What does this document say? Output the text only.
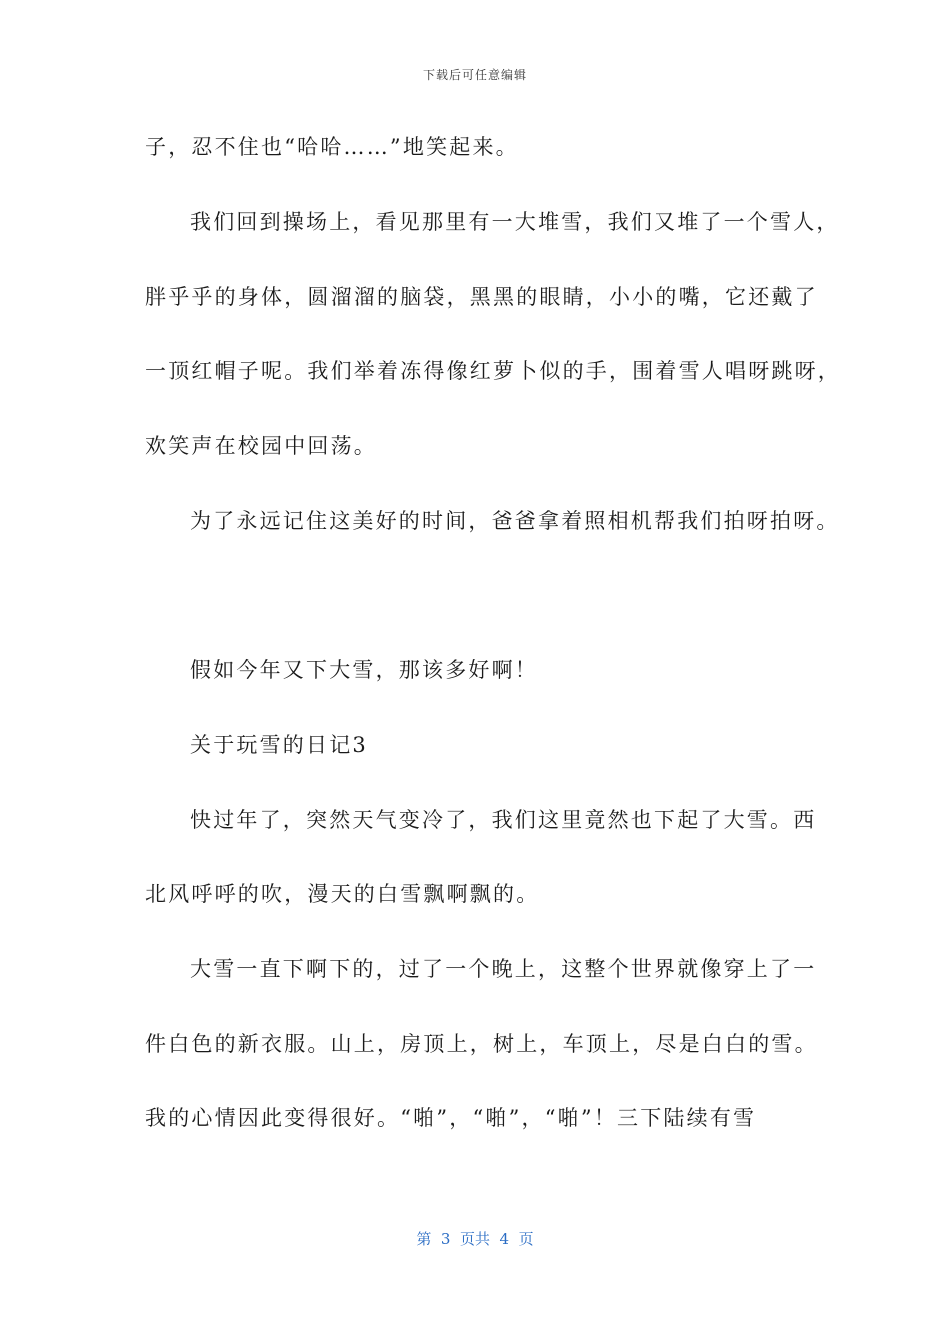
下载后可任意编辑
子，忍不住也“哈哈……”地笑起来。
我们回到操场上，看见那里有一大堆雪，我们又堆了一个雪人，
胖乎乎的身体，圆溜溜的脑袋，黑黑的眼睛，小小的嘴，它还戴了
一顶红帽子呢。我们举着冻得像红萝卜似的手，围着雪人唱呀跳呀，
欢笑声在校园中回荡。
为了永远记住这美好的时间，爸爸拿着照相机帮我们拍呀拍呀。
假如今年又下大雪，那该多好啊！
关于玩雪的日记3
快过年了，突然天气变冷了，我们这里竟然也下起了大雪。西
北风呼呼的吹，漫天的白雪飘啊飘的。
大雪一直下啊下的，过了一个晚上，这整个世界就像穿上了一
件白色的新衣服。山上，房顶上，树上，车顶上，尽是白白的雪。
我的心情因此变得很好。“啪”，“啪”，“啪”！三下陆续有雪
第  3  页共  4  页
